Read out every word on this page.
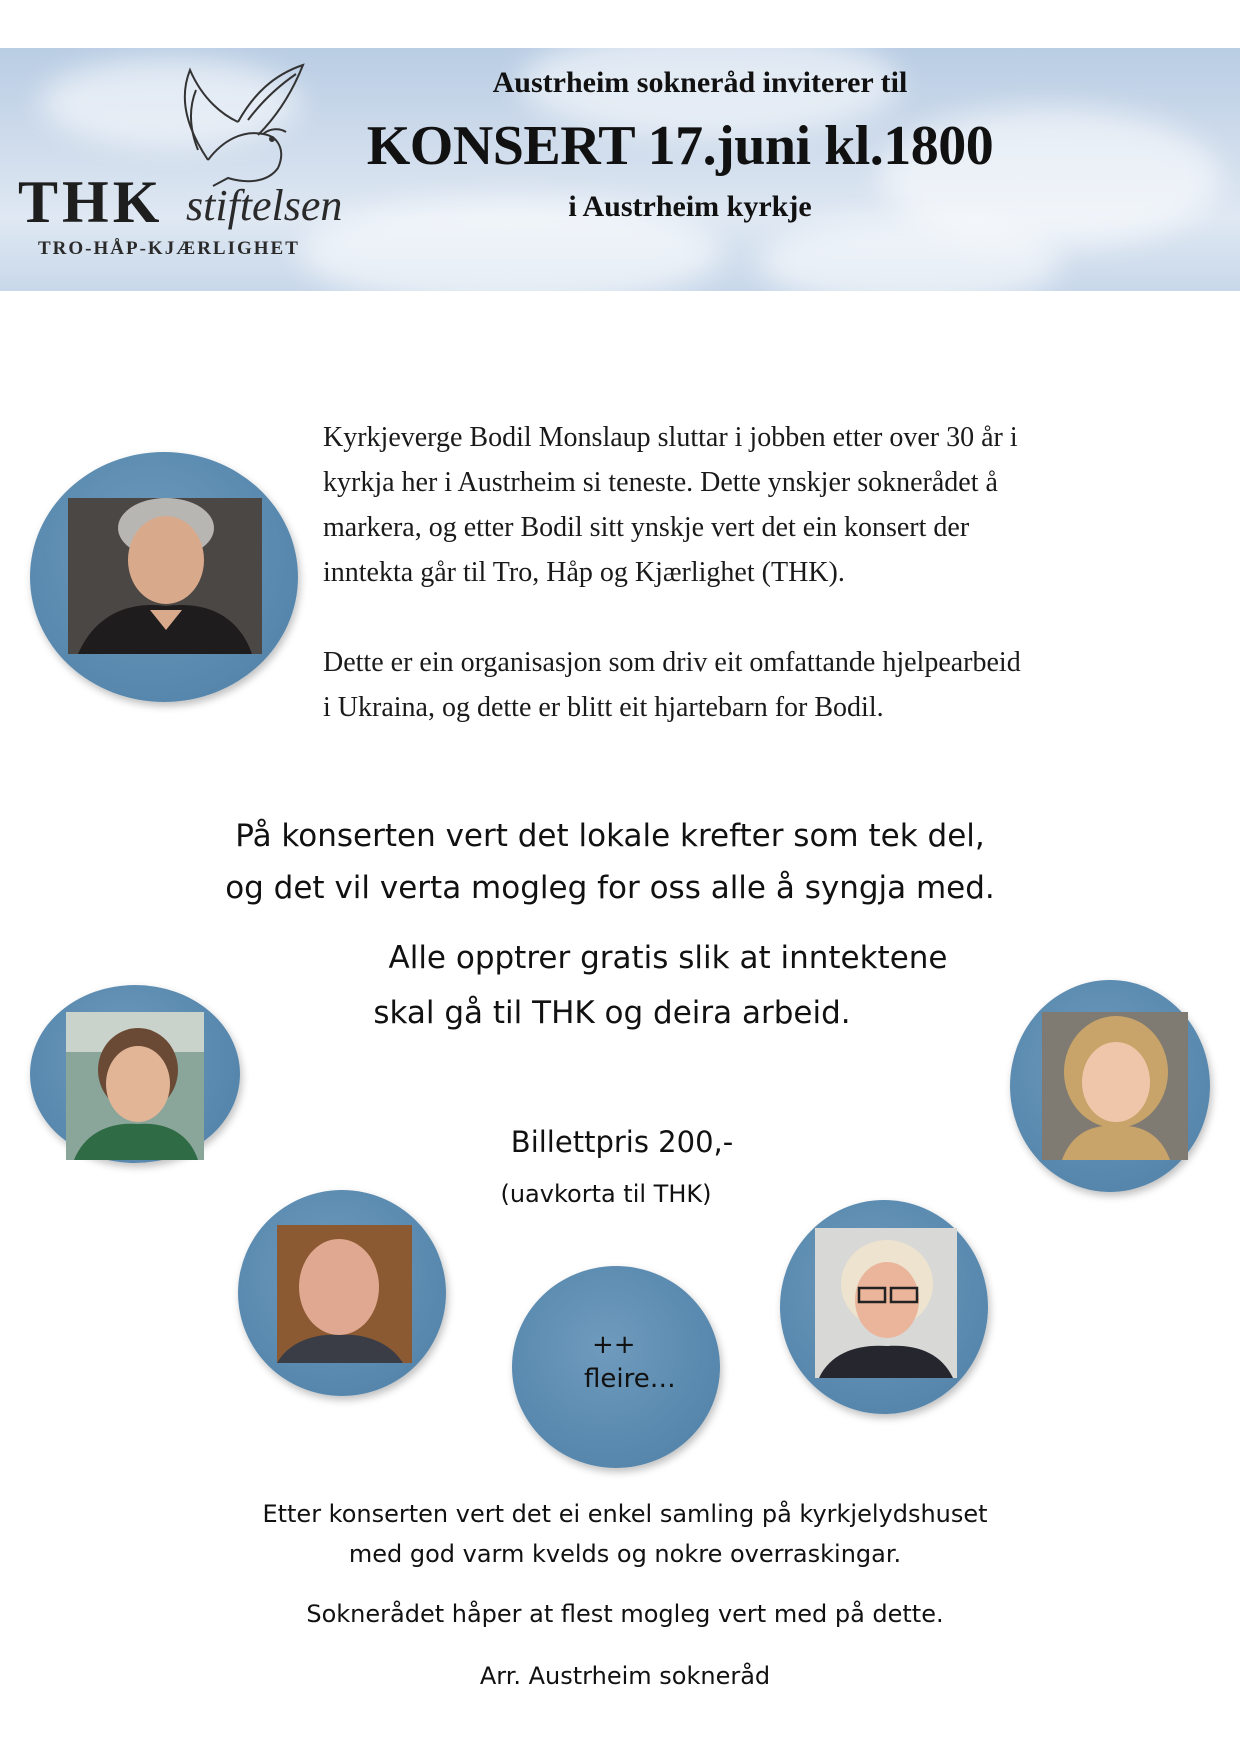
THK stiftelsen
TRO-HÅP-KJÆRLIGHET
Austrheim sokneråd inviterer til
KONSERT 17.juni kl.1800
i Austrheim kyrkje
Kyrkjeverge Bodil Monslaup sluttar i jobben etter over 30 år i
kyrkja her i Austrheim si teneste. Dette ynskjer soknerådet å
markera, og etter Bodil sitt ynskje vert det ein konsert der
inntekta går til Tro, Håp og Kjærlighet (THK).
Dette er ein organisasjon som driv eit omfattande hjelpearbeid
i Ukraina, og dette er blitt eit hjartebarn for Bodil.
På konserten vert det lokale krefter som tek del,
og det vil verta mogleg for oss alle å syngja med.
Alle opptrer gratis slik at inntektene
skal gå til THK og deira arbeid.
++
fleire…
Billettpris 200,-
(uavkorta til THK)
Etter konserten vert det ei enkel samling på kyrkjelydshuset
med god varm kvelds og nokre overraskingar.
Soknerådet håper at flest mogleg vert med på dette.
Arr. Austrheim sokneråd
